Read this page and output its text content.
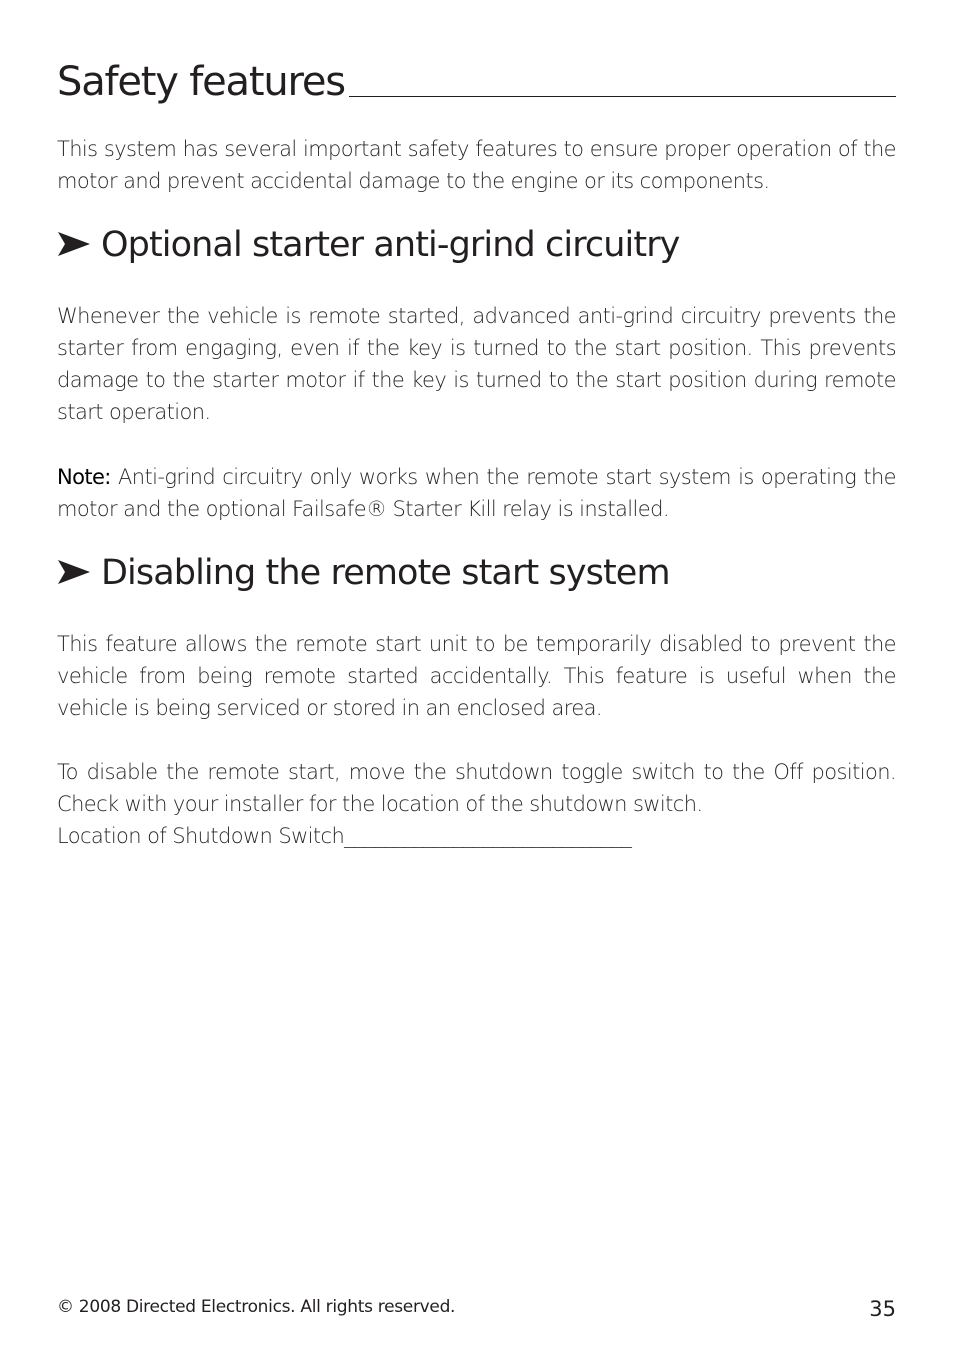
Safety features

This system has several important safety features to ensure proper operation of the motor and prevent accidental damage to the engine or its components.

Optional starter anti-grind circuitry

Whenever the vehicle is remote started, advanced anti-grind circuitry prevents the starter from engaging, even if the key is turned to the start position. This prevents damage to the starter motor if the key is turned to the start position during remote start operation.

Note: Anti-grind circuitry only works when the remote start system is operating the motor and the optional Failsafe® Starter Kill relay is installed.

Disabling the remote start system

This feature allows the remote start unit to be temporarily disabled to prevent the vehicle from being remote started accidentally. This feature is useful when the vehicle is being serviced or stored in an enclosed area.

To disable the remote start, move the shutdown toggle switch to the Off position. Check with your installer for the location of the shutdown switch.

Location of Shutdown Switch_____________________________

© 2008 Directed Electronics. All rights reserved.	35
